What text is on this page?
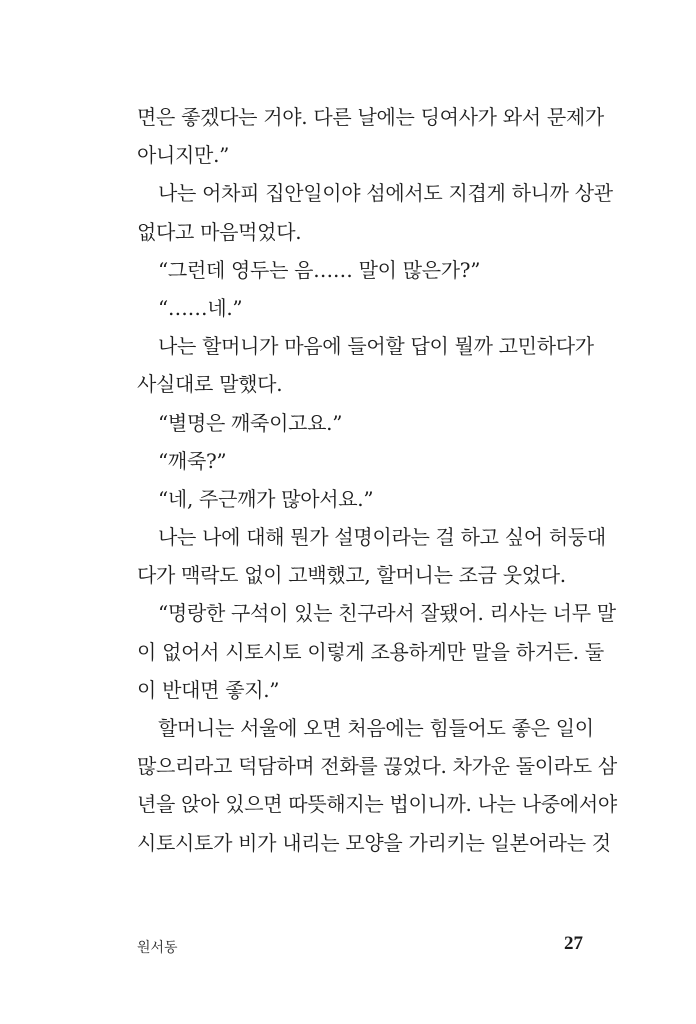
면은 좋겠다는 거야. 다른 날에는 딩여사가 와서 문제가
아니지만.”
나는 어차피 집안일이야 섬에서도 지겹게 하니까 상관
없다고 마음먹었다.
“그런데 영두는 음…… 말이 많은가?”
“……네.”
나는 할머니가 마음에 들어할 답이 뭘까 고민하다가
사실대로 말했다.
“별명은 깨죽이고요.”
“깨죽?”
“네, 주근깨가 많아서요.”
나는 나에 대해 뭔가 설명이라는 걸 하고 싶어 허둥대
다가 맥락도 없이 고백했고, 할머니는 조금 웃었다.
“명랑한 구석이 있는 친구라서 잘됐어. 리사는 너무 말
이 없어서 시토시토 이렇게 조용하게만 말을 하거든. 둘
이 반대면 좋지.”
할머니는 서울에 오면 처음에는 힘들어도 좋은 일이
많으리라고 덕담하며 전화를 끊었다. 차가운 돌이라도 삼
년을 앉아 있으면 따뜻해지는 법이니까. 나는 나중에서야
시토시토가 비가 내리는 모양을 가리키는 일본어라는 것
원서동	27
